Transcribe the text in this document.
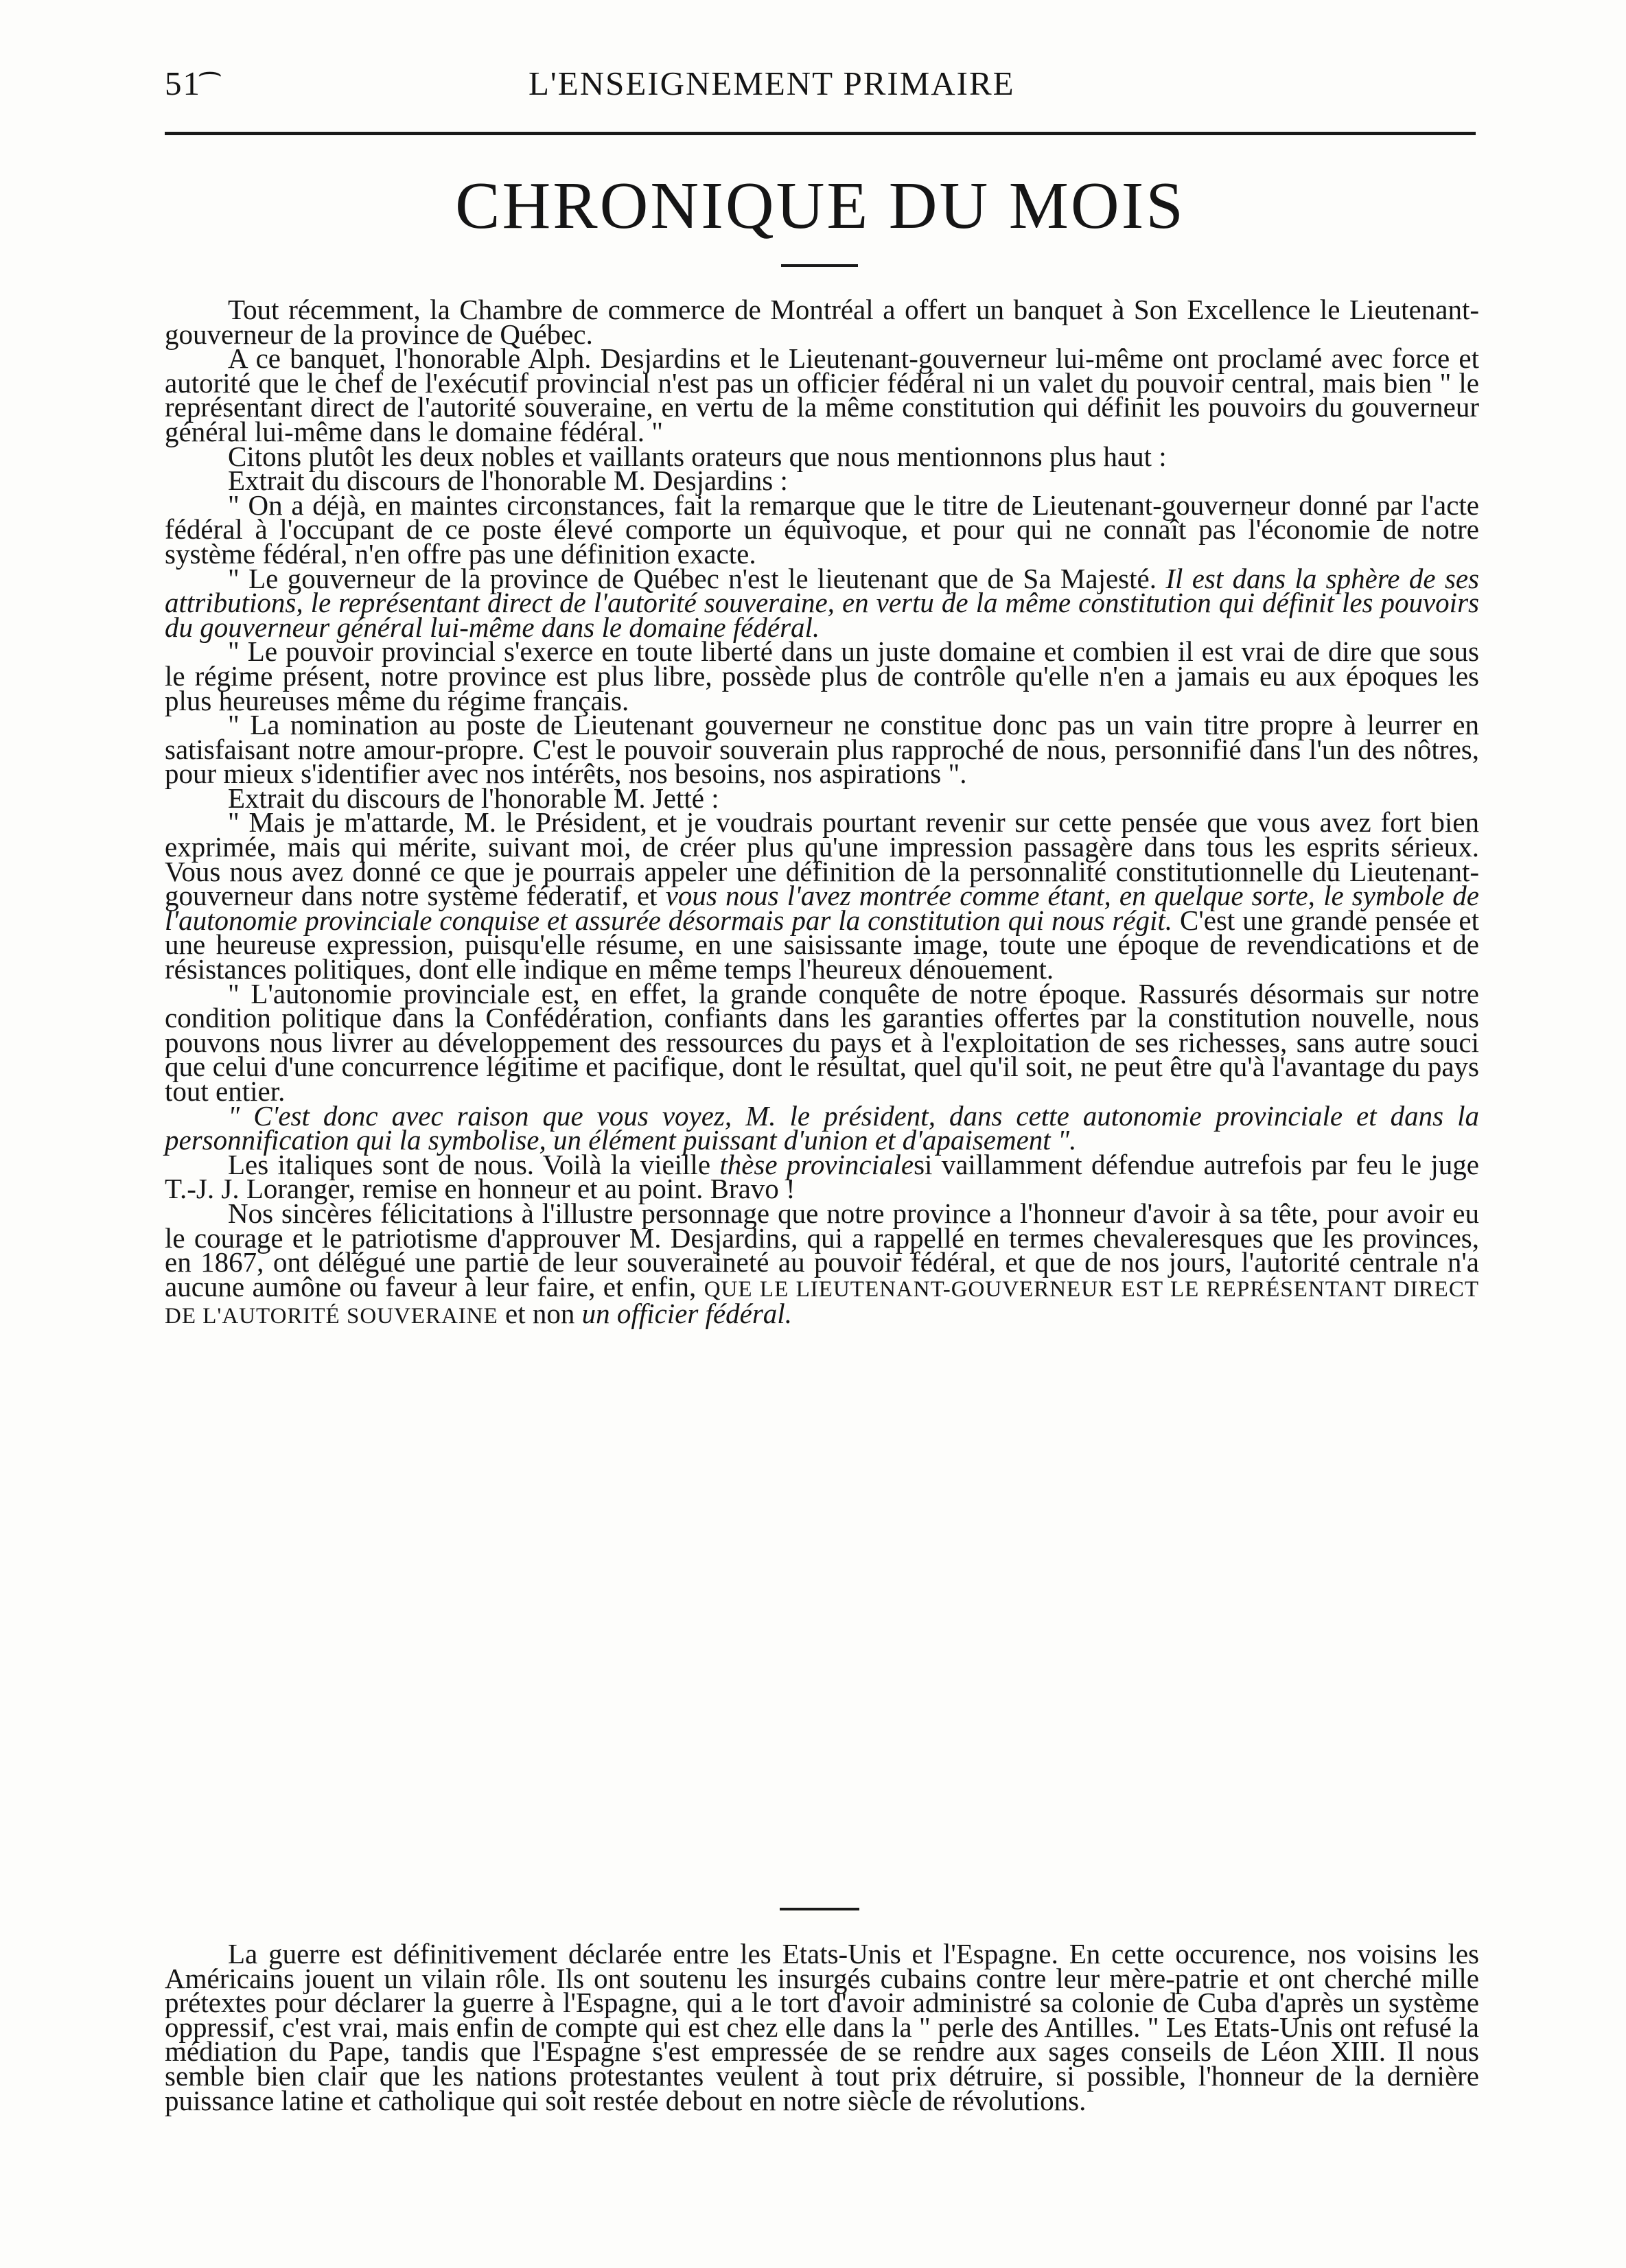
51͡	L'ENSEIGNEMENT PRIMAIRE
CHRONIQUE DU MOIS

Tout récemment, la Chambre de commerce de Montréal a offert un banquet à Son Excellence le Lieutenant-gouverneur de la province de Québec.

A ce banquet, l'honorable Alph. Desjardins et le Lieutenant-gouverneur lui-même ont proclamé avec force et autorité que le chef de l'exécutif provincial n'est pas un officier fédéral ni un valet du pouvoir central, mais bien " le représentant direct de l'autorité souveraine, en vertu de la même constitution qui définit les pouvoirs du gouverneur général lui-même dans le domaine fédéral. "

Citons plutôt les deux nobles et vaillants orateurs que nous mentionnons plus haut :

Extrait du discours de l'honorable M. Desjardins :

" On a déjà, en maintes circonstances, fait la remarque que le titre de Lieutenant-gouverneur donné par l'acte fédéral à l'occupant de ce poste élevé comporte un équivoque, et pour qui ne connaît pas l'économie de notre système fédéral, n'en offre pas une définition exacte.

" Le gouverneur de la province de Québec n'est le lieutenant que de Sa Majesté. Il est dans la sphère de ses attributions, le représentant direct de l'autorité souveraine, en vertu de la même constitution qui définit les pouvoirs du gouverneur général lui-même dans le domaine fédéral.

" Le pouvoir provincial s'exerce en toute liberté dans un juste domaine et combien il est vrai de dire que sous le régime présent, notre province est plus libre, possède plus de contrôle qu'elle n'en a jamais eu aux époques les plus heureuses même du régime français.

" La nomination au poste de Lieutenant gouverneur ne constitue donc pas un vain titre propre à leurrer en satisfaisant notre amour-propre. C'est le pouvoir souverain plus rapproché de nous, personnifié dans l'un des nôtres, pour mieux s'identifier avec nos intérêts, nos besoins, nos aspirations ".

Extrait du discours de l'honorable M. Jetté :

" Mais je m'attarde, M. le Président, et je voudrais pourtant revenir sur cette pensée que vous avez fort bien exprimée, mais qui mérite, suivant moi, de créer plus qu'une impression passagère dans tous les esprits sérieux. Vous nous avez donné ce que je pourrais appeler une définition de la personnalité constitutionnelle du Lieutenant-gouverneur dans notre système féderatif, et vous nous l'avez montrée comme étant, en quelque sorte, le symbole de l'autonomie provinciale conquise et assurée désormais par la constitution qui nous régit. C'est une grande pensée et une heureuse expression, puisqu'elle résume, en une saisissante image, toute une époque de revendications et de résistances politiques, dont elle indique en même temps l'heureux dénouement.

" L'autonomie provinciale est, en effet, la grande conquête de notre époque. Rassurés désormais sur notre condition politique dans la Confédération, confiants dans les garanties offertes par la constitution nouvelle, nous pouvons nous livrer au développement des ressources du pays et à l'exploitation de ses richesses, sans autre souci que celui d'une concurrence légitime et pacifique, dont le résultat, quel qu'il soit, ne peut être qu'à l'avantage du pays tout entier.

" C'est donc avec raison que vous voyez, M. le président, dans cette autonomie provinciale et dans la personnification qui la symbolise, un élément puissant d'union et d'apaisement ".

Les italiques sont de nous. Voilà la vieille thèse provincialesi vaillamment défendue autrefois par feu le juge T.-J. J. Loranger, remise en honneur et au point. Bravo !

Nos sincères félicitations à l'illustre personnage que notre province a l'honneur d'avoir à sa tête, pour avoir eu le courage et le patriotisme d'approuver M. Desjardins, qui a rappellé en termes chevaleresques que les provinces, en 1867, ont délégué une partie de leur souveraineté au pouvoir fédéral, et que de nos jours, l'autorité centrale n'a aucune aumône ou faveur à leur faire, et enfin, QUE LE LIEUTENANT-GOUVERNEUR EST LE REPRÉSENTANT DIRECT DE L'AUTORITÉ SOUVERAINE et non un officier fédéral.

La guerre est définitivement déclarée entre les Etats-Unis et l'Espagne. En cette occurence, nos voisins les Américains jouent un vilain rôle. Ils ont soutenu les insurgés cubains contre leur mère-patrie et ont cherché mille prétextes pour déclarer la guerre à l'Espagne, qui a le tort d'avoir administré sa colonie de Cuba d'après un système oppressif, c'est vrai, mais enfin de compte qui est chez elle dans la " perle des Antilles. " Les Etats-Unis ont refusé la médiation du Pape, tandis que l'Espagne s'est empressée de se rendre aux sages conseils de Léon XIII. Il nous semble bien clair que les nations protestantes veulent à tout prix détruire, si possible, l'honneur de la dernière puissance latine et catholique qui soit restée debout en notre siècle de révolutions.
